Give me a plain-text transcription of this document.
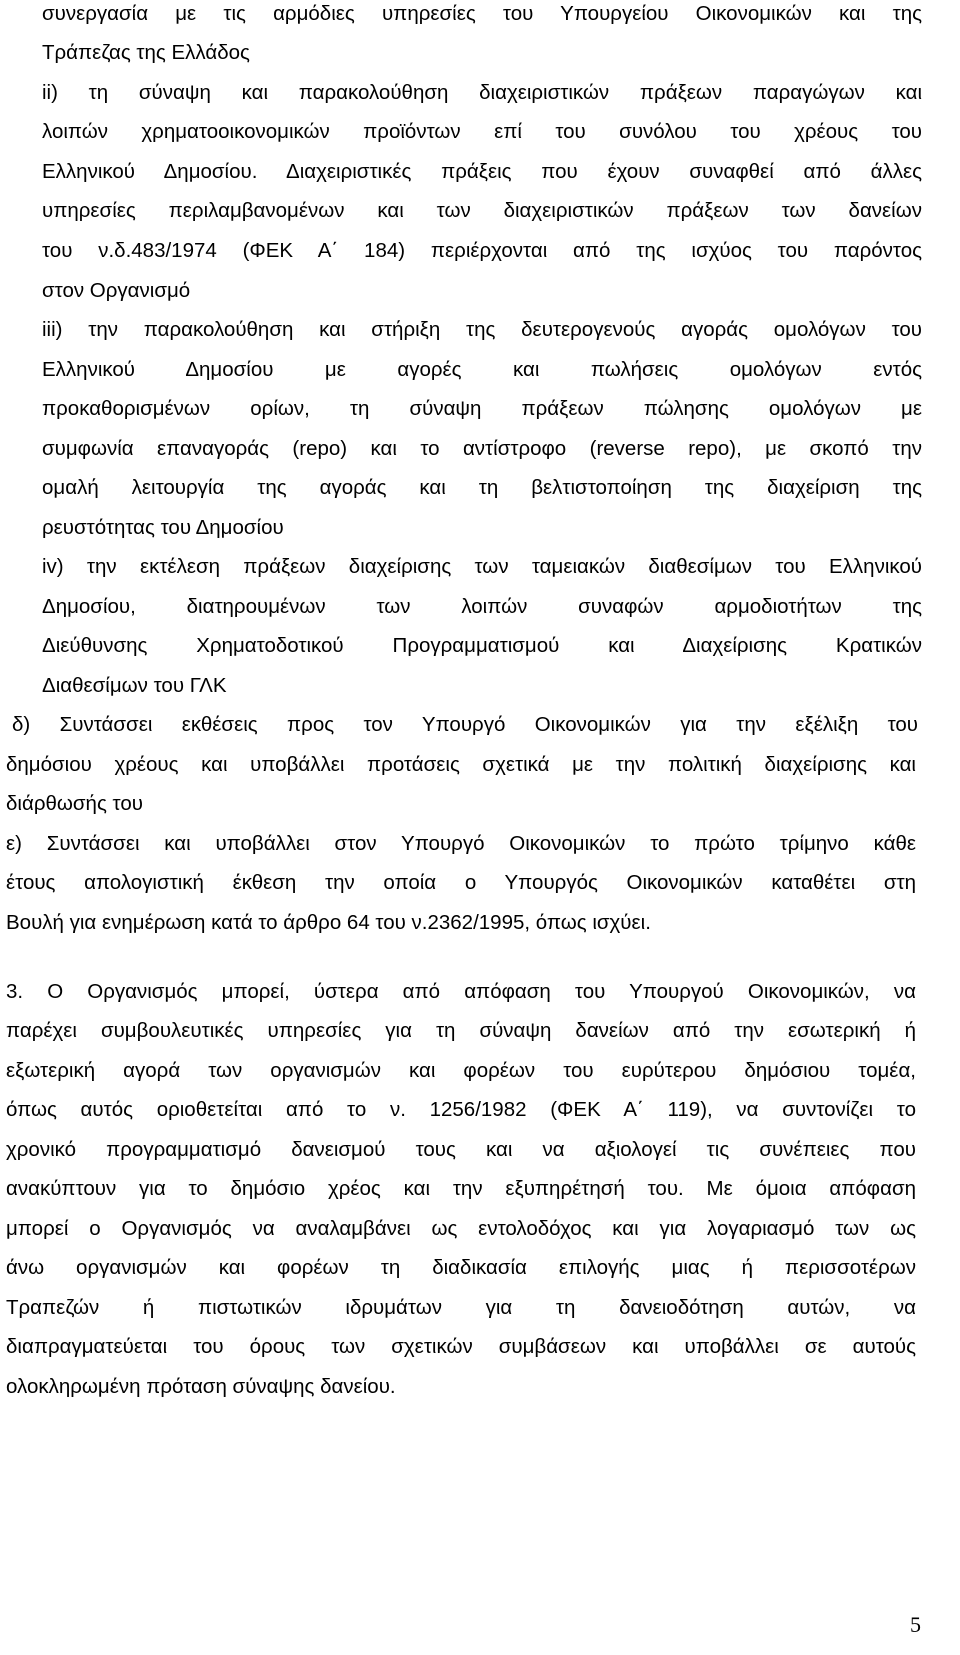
συνεργασία με τις αρμόδιες υπηρεσίες του Υπουργείου Οικονομικών και της
Τράπεζας της Ελλάδος
ii) τη σύναψη και παρακολούθηση διαχειριστικών πράξεων παραγώγων και
λοιπών χρηματοοικονομικών προϊόντων επί του συνόλου του χρέους του
Ελληνικού Δημοσίου. Διαχειριστικές πράξεις που έχουν συναφθεί από άλλες
υπηρεσίες περιλαμβανομένων και των διαχειριστικών πράξεων των δανείων
του ν.δ.483/1974 (ΦΕΚ Α΄ 184) περιέρχονται από της ισχύος του παρόντος
στον Οργανισμό
iii) την παρακολούθηση και στήριξη της δευτερογενούς αγοράς ομολόγων του
Ελληνικού Δημοσίου με αγορές και πωλήσεις ομολόγων εντός
προκαθορισμένων ορίων, τη σύναψη πράξεων πώλησης ομολόγων με
συμφωνία επαναγοράς (repo) και το αντίστροφο (reverse repo), με σκοπό την
ομαλή λειτουργία της αγοράς και τη βελτιστοποίηση της διαχείριση της
ρευστότητας του Δημοσίου
iv) την εκτέλεση πράξεων διαχείρισης των ταμειακών διαθεσίμων του Ελληνικού
Δημοσίου, διατηρουμένων των λοιπών συναφών αρμοδιοτήτων της
Διεύθυνσης Χρηματοδοτικού Προγραμματισμού και Διαχείρισης Κρατικών
Διαθεσίμων του ΓΛΚ
δ) Συντάσσει εκθέσεις προς τον Υπουργό Οικονομικών για την εξέλιξη του
δημόσιου χρέους και υποβάλλει προτάσεις σχετικά με την πολιτική διαχείρισης και
διάρθωσής του
ε) Συντάσσει και υποβάλλει στον Υπουργό Οικονομικών το πρώτο τρίμηνο κάθε
έτους απολογιστική έκθεση την οποία ο Υπουργός Οικονομικών καταθέτει στη
Βουλή για ενημέρωση κατά το άρθρο 64 του ν.2362/1995, όπως ισχύει.
3. Ο Οργανισμός μπορεί, ύστερα από απόφαση του Υπουργού Οικονομικών, να
παρέχει συμβουλευτικές υπηρεσίες για τη σύναψη δανείων από την εσωτερική ή
εξωτερική αγορά των οργανισμών και φορέων του ευρύτερου δημόσιου τομέα,
όπως αυτός οριοθετείται από το ν. 1256/1982 (ΦΕΚ Α΄ 119), να συντονίζει το
χρονικό προγραμματισμό δανεισμού τους και να αξιολογεί τις συνέπειες που
ανακύπτουν για το δημόσιο χρέος και την εξυπηρέτησή του. Με όμοια απόφαση
μπορεί ο Οργανισμός να αναλαμβάνει ως εντολοδόχος και για λογαριασμό των ως
άνω οργανισμών και φορέων τη διαδικασία επιλογής μιας ή περισσοτέρων
Τραπεζών ή πιστωτικών ιδρυμάτων για τη δανειοδότηση αυτών, να
διαπραγματεύεται του όρους των σχετικών συμβάσεων και υποβάλλει σε αυτούς
ολοκληρωμένη πρόταση σύναψης δανείου.
5
